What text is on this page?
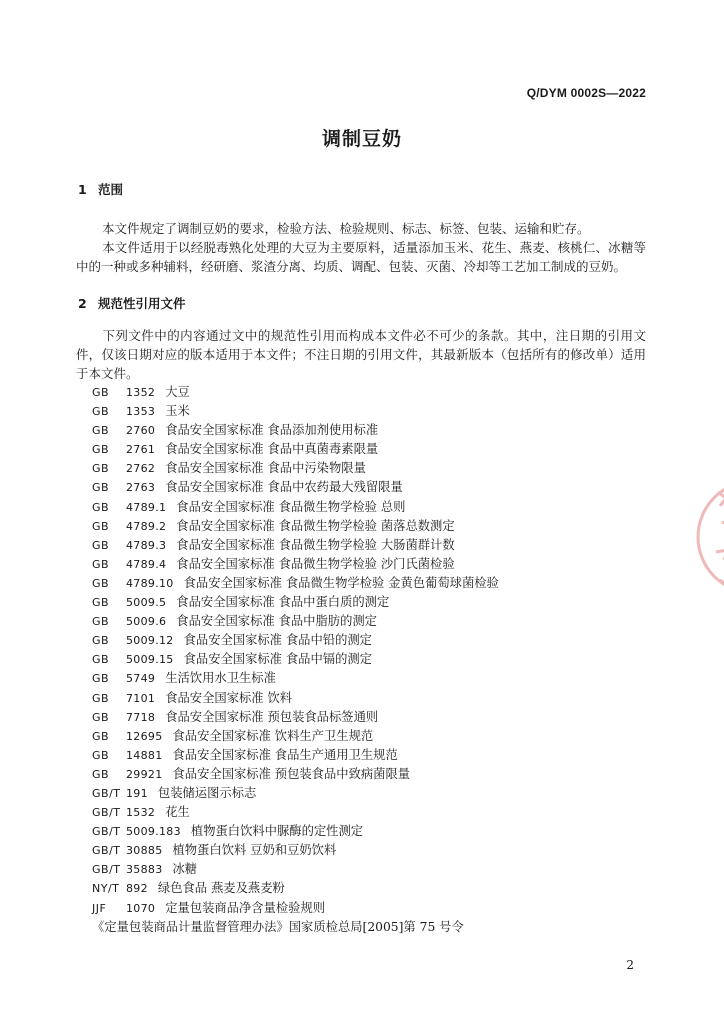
Q/DYM 0002S—2022
调制豆奶
1 范围
本文件规定了调制豆奶的要求，检验方法、检验规则、标志、标签、包装、运输和贮存。
本文件适用于以经脱毒熟化处理的大豆为主要原料，适量添加玉米、花生、燕麦、核桃仁、冰糖等中的一种或多种辅料，经研磨、浆渣分离、均质、调配、包装、灭菌、冷却等工艺加工制成的豆奶。
2 规范性引用文件
下列文件中的内容通过文中的规范性引用而构成本文件必不可少的条款。其中，注日期的引用文件，仅该日期对应的版本适用于本文件；不注日期的引用文件，其最新版本（包括所有的修改单）适用于本文件。
GB 1352 大豆
GB 1353 玉米
GB 2760 食品安全国家标准 食品添加剂使用标准
GB 2761 食品安全国家标准 食品中真菌毒素限量
GB 2762 食品安全国家标准 食品中污染物限量
GB 2763 食品安全国家标准 食品中农药最大残留限量
GB 4789.1 食品安全国家标准 食品微生物学检验 总则
GB 4789.2 食品安全国家标准 食品微生物学检验 菌落总数测定
GB 4789.3 食品安全国家标准 食品微生物学检验 大肠菌群计数
GB 4789.4 食品安全国家标准 食品微生物学检验 沙门氏菌检验
GB 4789.10 食品安全国家标准 食品微生物学检验 金黄色葡萄球菌检验
GB 5009.5 食品安全国家标准 食品中蛋白质的测定
GB 5009.6 食品安全国家标准 食品中脂肪的测定
GB 5009.12 食品安全国家标准 食品中铅的测定
GB 5009.15 食品安全国家标准 食品中镉的测定
GB 5749 生活饮用水卫生标准
GB 7101 食品安全国家标准 饮料
GB 7718 食品安全国家标准 预包装食品标签通则
GB 12695 食品安全国家标准 饮料生产卫生规范
GB 14881 食品安全国家标准 食品生产通用卫生规范
GB 29921 食品安全国家标准 预包装食品中致病菌限量
GB/T 191 包装储运图示标志
GB/T 1532 花生
GB/T 5009.183 植物蛋白饮料中脲酶的定性测定
GB/T 30885 植物蛋白饮料 豆奶和豆奶饮料
GB/T 35883 冰糖
NY/T 892 绿色食品 燕麦及燕麦粉
JJF 1070 定量包装商品净含量检验规则
《定量包装商品计量监督管理办法》国家质检总局[2005]第 75 号令
2
